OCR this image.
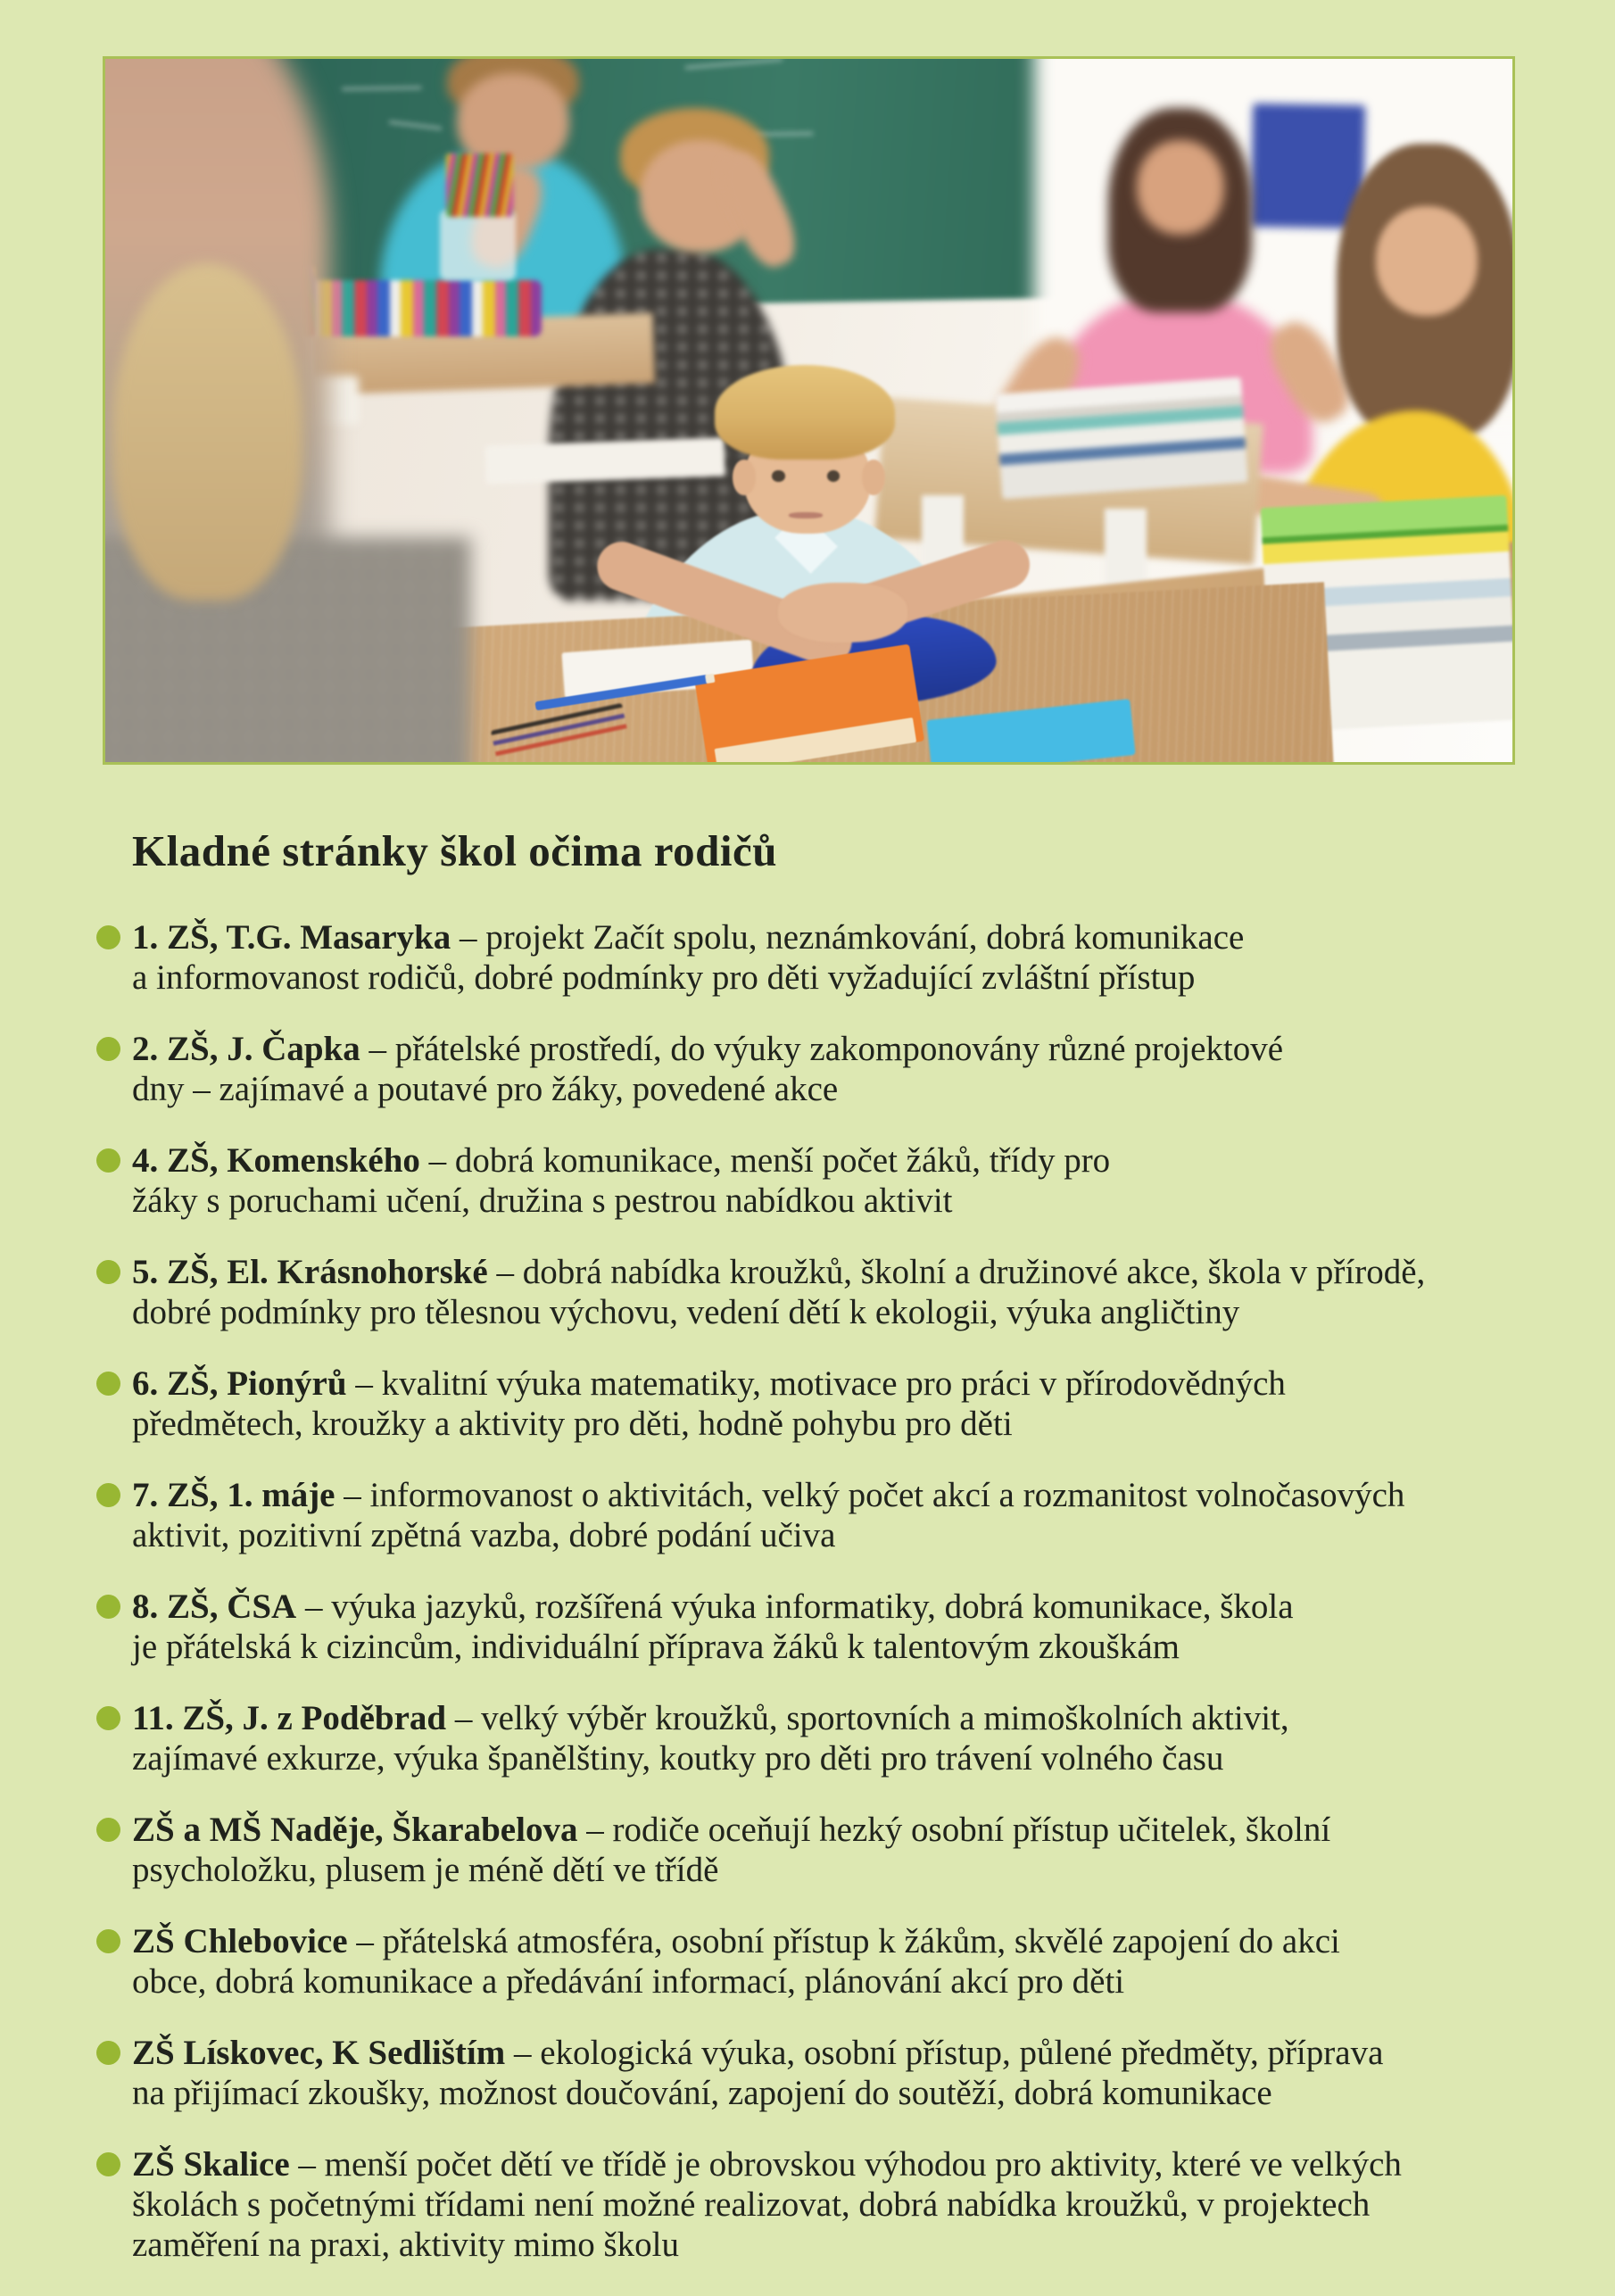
Kladné stránky škol očima rodičů
1. ZŠ, T.G. Masaryka – projekt Začít spolu, neznámkování, dobrá komunikace
a informovanost rodičů, dobré podmínky pro děti vyžadující zvláštní přístup
2. ZŠ, J. Čapka – přátelské prostředí, do výuky zakomponovány různé projektové
dny – zajímavé a poutavé pro žáky, povedené akce
4. ZŠ, Komenského – dobrá komunikace, menší počet žáků, třídy pro
žáky s poruchami učení, družina s pestrou nabídkou aktivit
5. ZŠ, El. Krásnohorské – dobrá nabídka kroužků, školní a družinové akce, škola v přírodě,
dobré podmínky pro tělesnou výchovu, vedení dětí k ekologii, výuka angličtiny
6. ZŠ, Pionýrů – kvalitní výuka matematiky, motivace pro práci v přírodovědných
předmětech, kroužky a aktivity pro děti, hodně pohybu pro děti
7. ZŠ, 1. máje – informovanost o aktivitách, velký počet akcí a rozmanitost volnočasových
aktivit, pozitivní zpětná vazba, dobré podání učiva
8. ZŠ, ČSA – výuka jazyků, rozšířená výuka informatiky, dobrá komunikace, škola
je přátelská k cizincům, individuální příprava žáků k talentovým zkouškám
11. ZŠ, J. z Poděbrad – velký výběr kroužků, sportovních a mimoškolních aktivit,
zajímavé exkurze, výuka španělštiny, koutky pro děti pro trávení volného času
ZŠ a MŠ Naděje, Škarabelova – rodiče oceňují hezký osobní přístup učitelek, školní
psycholožku, plusem je méně dětí ve třídě
ZŠ Chlebovice – přátelská atmosféra, osobní přístup k žákům, skvělé zapojení do akci
obce, dobrá komunikace a předávání informací, plánování akcí pro děti
ZŠ Lískovec, K Sedlištím – ekologická výuka, osobní přístup, půlené předměty, příprava
na přijímací zkoušky, možnost doučování, zapojení do soutěží, dobrá komunikace
ZŠ Skalice – menší počet dětí ve třídě je obrovskou výhodou pro aktivity, které ve velkých
školách s početnými třídami není možné realizovat, dobrá nabídka kroužků, v projektech
zaměření na praxi, aktivity mimo školu
